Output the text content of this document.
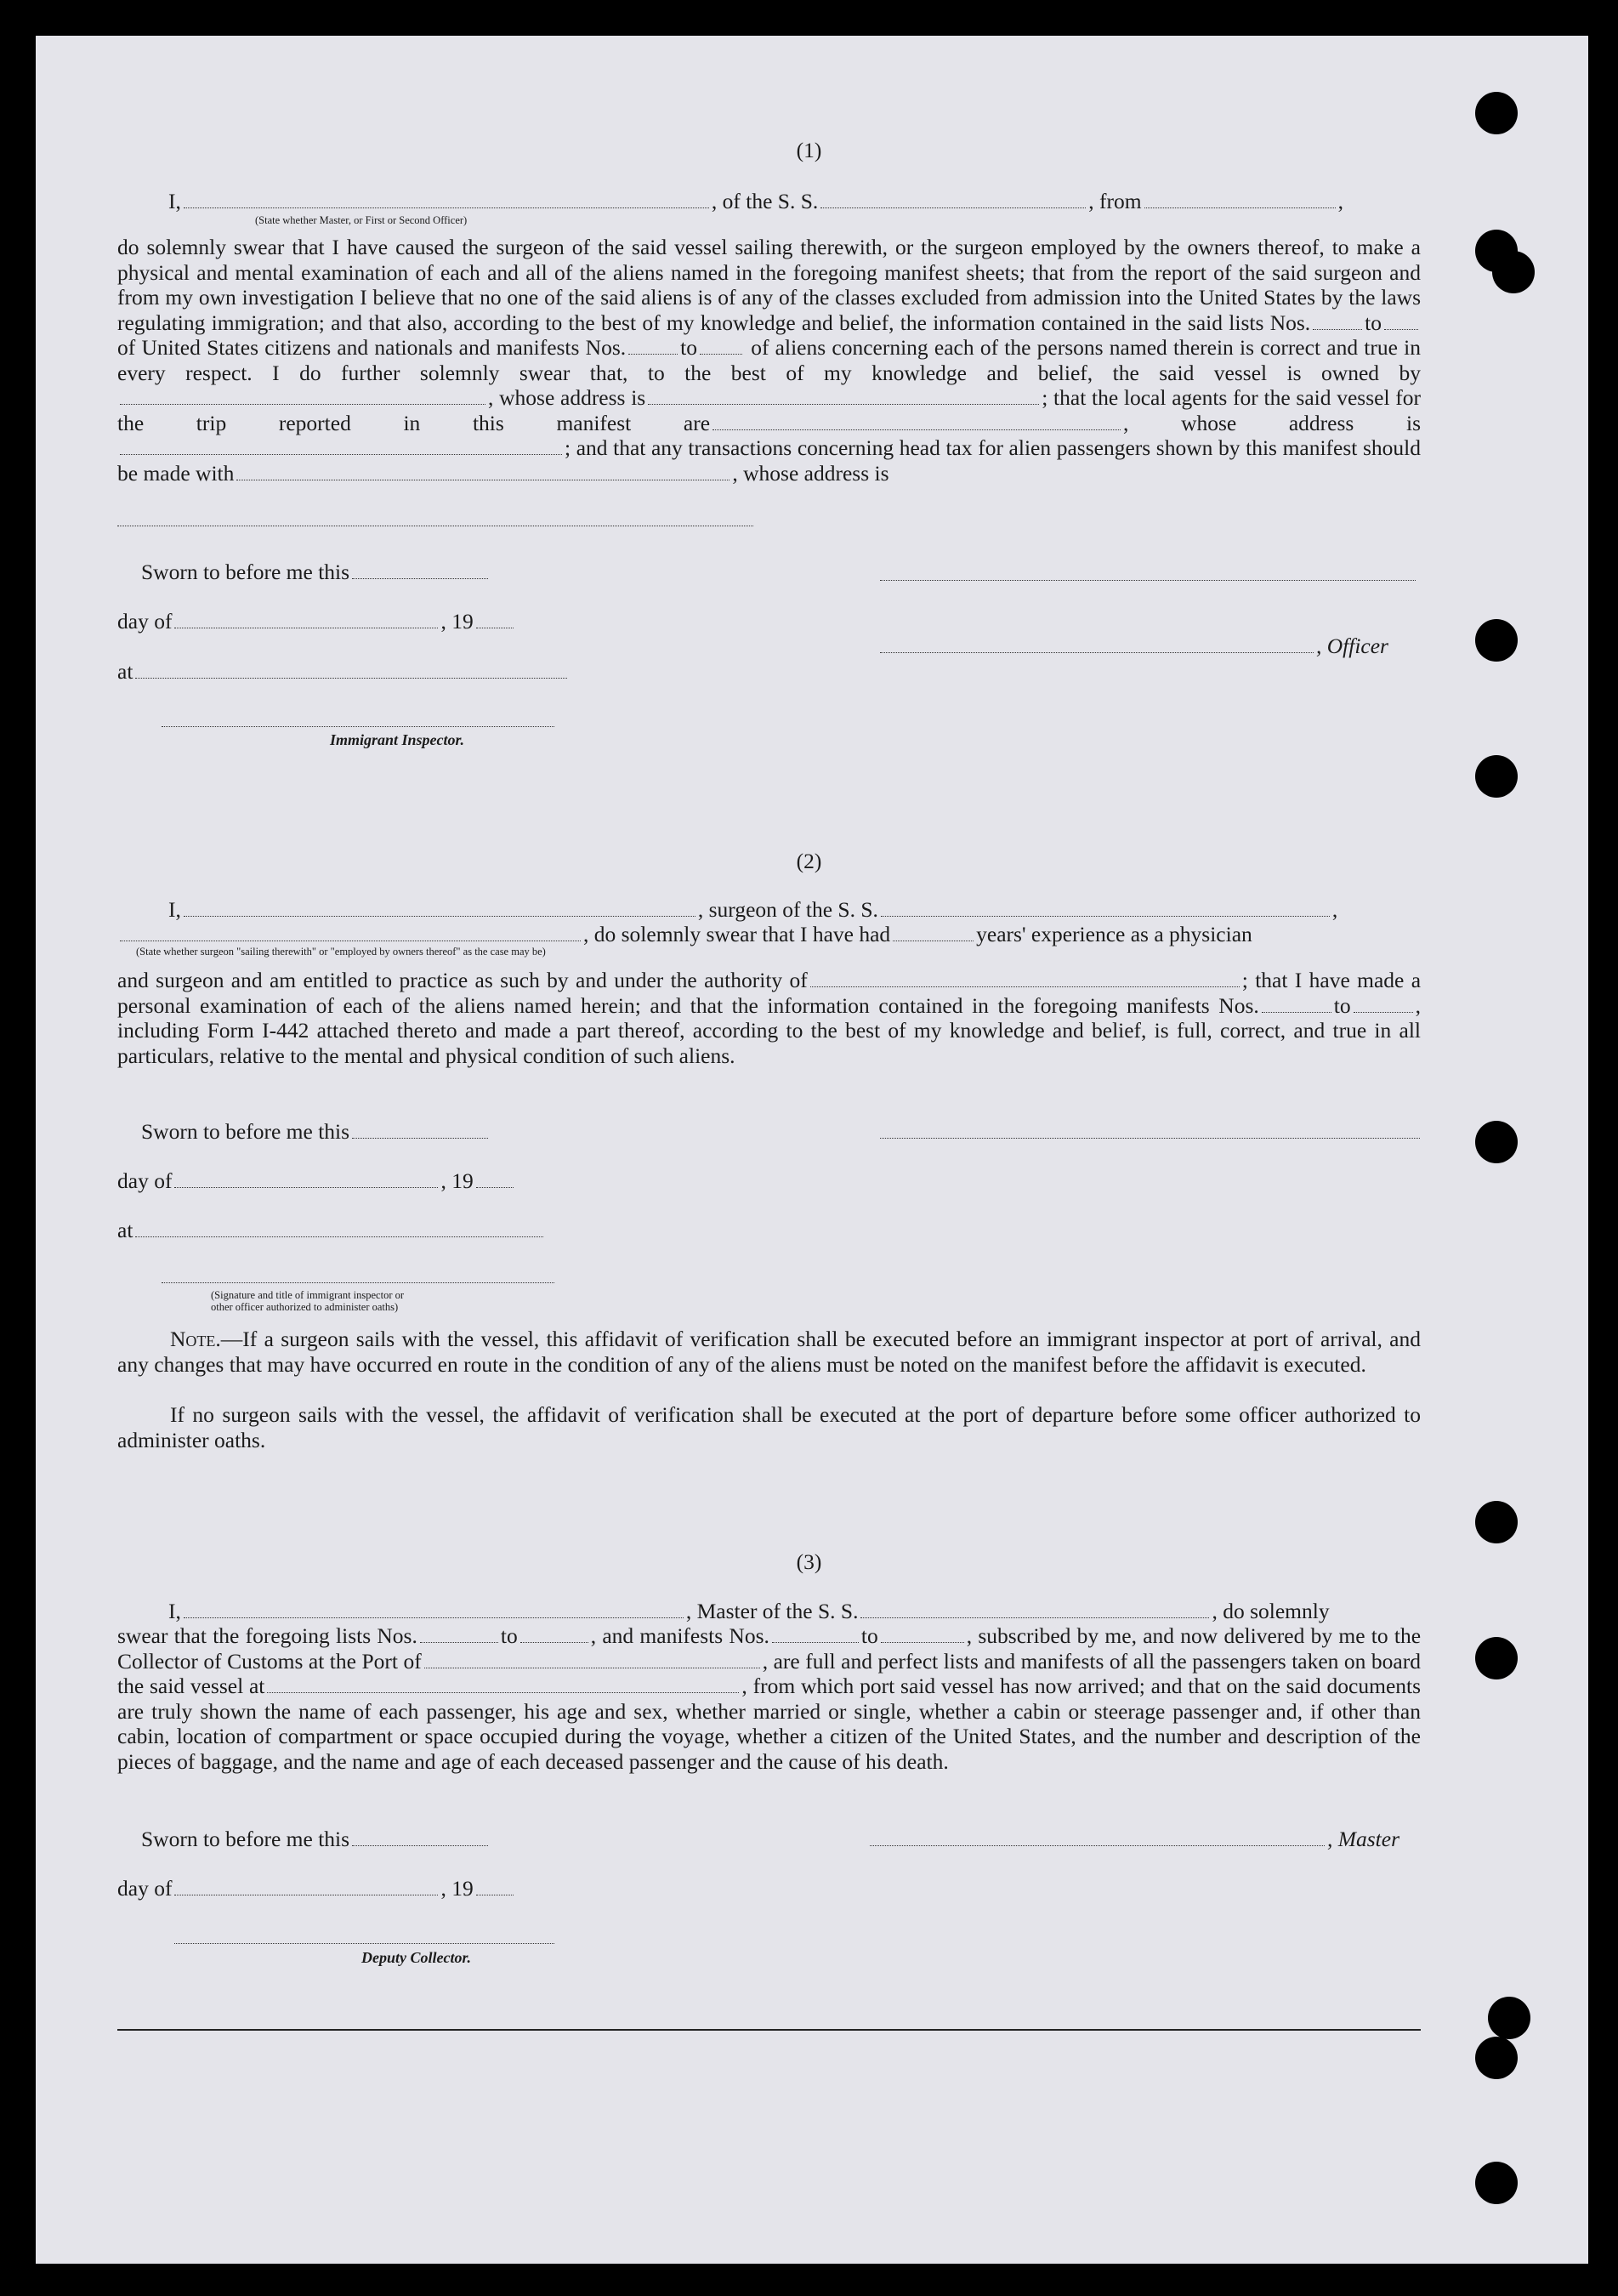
(1)
I,	, of the S. S.	, from	,
(State whether Master, or First or Second Officer)
do solemnly swear that I have caused the surgeon of the said vessel sailing therewith, or the surgeon employed by the owners thereof, to make a physical and mental examination of each and all of the aliens named in the foregoing manifest sheets; that from the report of the said surgeon and from my own investigation I believe that no one of the said aliens is of any of the classes excluded from admission into the United States by the laws regulating immigration; and that also, according to the best of my knowledge and belief, the information contained in the said lists Nos.	to of United States citizens and nationals and manifests Nos.	to of aliens concerning each of the persons named therein is correct and true in every respect. I do further solemnly swear that, to the best of my knowledge and belief, the said vessel is owned by, whose address is	; that the local agents for the said vessel for the trip reported in this manifest are	, whose address is; and that any transactions concerning head tax for alien passengers shown by this manifest should be made with	, whose address is
Sworn to before me this
day of	, 19
, Officer
at
Immigrant Inspector.
(2)
I,	, surgeon of the S. S.	,
, do solemnly swear that I have had	years' experience as a physician
(State whether surgeon "sailing therewith" or "employed by owners thereof" as the case may be)
and surgeon and am entitled to practice as such by and under the authority of	; that I have made a personal examination of each of the aliens named herein; and that the information contained in the foregoing manifests Nos.	to	, including Form I-442 attached thereto and made a part thereof, according to the best of my knowledge and belief, is full, correct, and true in all particulars, relative to the mental and physical condition of such aliens.
Sworn to before me this
day of	, 19
at
(Signature and title of immigrant inspector or
other officer authorized to administer oaths)
Note.—If a surgeon sails with the vessel, this affidavit of verification shall be executed before an immigrant inspector at port of arrival, and any changes that may have occurred en route in the condition of any of the aliens must be noted on the manifest before the affidavit is executed.
If no surgeon sails with the vessel, the affidavit of verification shall be executed at the port of departure before some officer authorized to administer oaths.
(3)
I,	, Master of the S. S.	, do solemnly
swear that the foregoing lists Nos.	to	, and manifests Nos.	to	, subscribed by me, and now delivered by me to the Collector of Customs at the Port of	, are full and perfect lists and manifests of all the passengers taken on board the said vessel at	, from which port said vessel has now arrived; and that on the said documents are truly shown the name of each passenger, his age and sex, whether married or single, whether a cabin or steerage passenger and, if other than cabin, location of compartment or space occupied during the voyage, whether a citizen of the United States, and the number and description of the pieces of baggage, and the name and age of each deceased passenger and the cause of his death.
Sworn to before me this	, Master
day of	, 19
Deputy Collector.
